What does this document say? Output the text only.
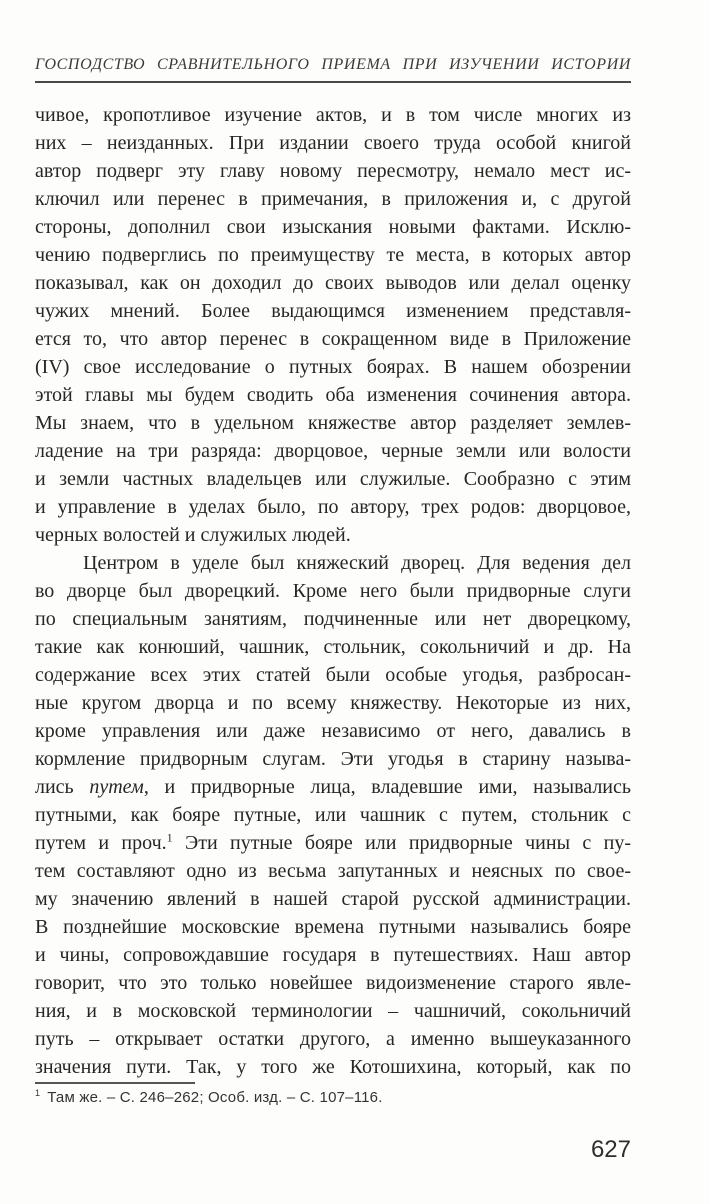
ГОСПОДСТВО СРАВНИТЕЛЬНОГО ПРИЕМА ПРИ ИЗУЧЕНИИ ИСТОРИИ
чивое, кропотливое изучение актов, и в том числе многих из
них – неизданных. При издании своего труда особой книгой
автор подверг эту главу новому пересмотру, немало мест ис-
ключил или перенес в примечания, в приложения и, с другой
стороны, дополнил свои изыскания новыми фактами. Исклю-
чению подверглись по преимуществу те места, в которых автор
показывал, как он доходил до своих выводов или делал оценку
чужих мнений. Более выдающимся изменением представля-
ется то, что автор перенес в сокращенном виде в Приложение
(IV) свое исследование о путных боярах. В нашем обозрении
этой главы мы будем сводить оба изменения сочинения автора.
Мы знаем, что в удельном княжестве автор разделяет землев-
ладение на три разряда: дворцовое, черные земли или волости
и земли частных владельцев или служилые. Сообразно с этим
и управление в уделах было, по автору, трех родов: дворцовое,
черных волостей и служилых людей.
Центром в уделе был княжеский дворец. Для ведения дел
во дворце был дворецкий. Кроме него были придворные слуги
по специальным занятиям, подчиненные или нет дворецкому,
такие как конюший, чашник, стольник, сокольничий и др. На
содержание всех этих статей были особые угодья, разбросан-
ные кругом дворца и по всему княжеству. Некоторые из них,
кроме управления или даже независимо от него, давались в
кормление придворным слугам. Эти угодья в старину называ-
лись путем, и придворные лица, владевшие ими, назывались
путными, как бояре путные, или чашник с путем, стольник с
путем и проч.$^1$ Эти путные бояре или придворные чины с пу-
тем составляют одно из весьма запутанных и неясных по свое-
му значению явлений в нашей старой русской администрации.
В позднейшие московские времена путными назывались бояре
и чины, сопровождавшие государя в путешествиях. Наш автор
говорит, что это только новейшее видоизменение старого явле-
ния, и в московской терминологии – чашничий, сокольничий
путь – открывает остатки другого, а именно вышеуказанного
значения пути. Так, у того же Котошихина, который, как по
$^1$ Там же. – С. 246–262; Особ. изд. – С. 107–116.
627
